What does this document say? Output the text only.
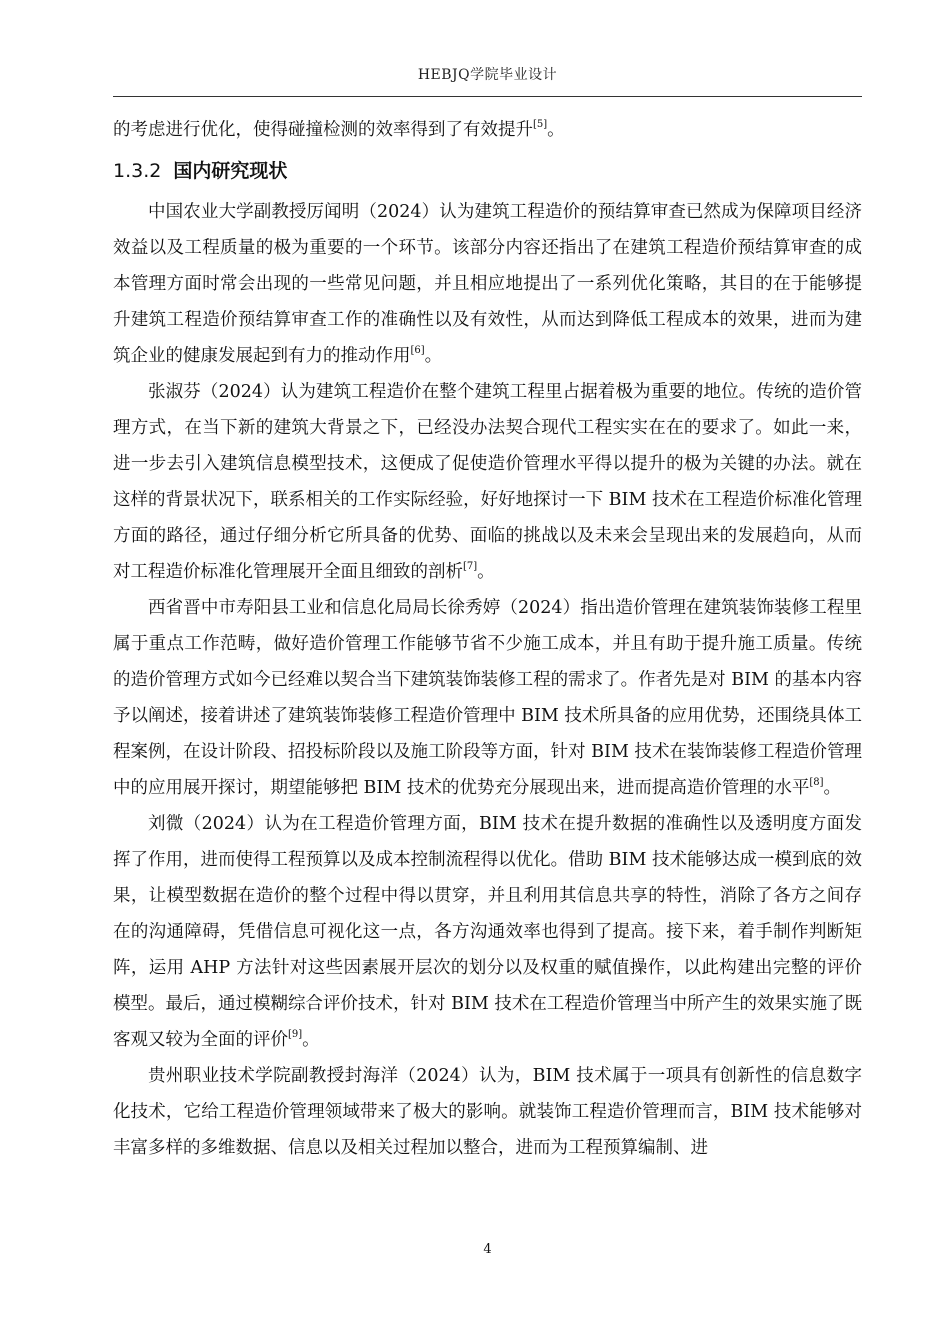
HEBJQ学院毕业设计

的考虑进行优化，使得碰撞检测的效率得到了有效提升[5]。

1.3.2 国内研究现状

中国农业大学副教授厉闻明（2024）认为建筑工程造价的预结算审查已然成为保障项目经济效益以及工程质量的极为重要的一个环节。该部分内容还指出了在建筑工程造价预结算审查的成本管理方面时常会出现的一些常见问题，并且相应地提出了一系列优化策略，其目的在于能够提升建筑工程造价预结算审查工作的准确性以及有效性，从而达到降低工程成本的效果，进而为建筑企业的健康发展起到有力的推动作用[6]。

张淑芬（2024）认为建筑工程造价在整个建筑工程里占据着极为重要的地位。传统的造价管理方式，在当下新的建筑大背景之下，已经没办法契合现代工程实实在在的要求了。如此一来，进一步去引入建筑信息模型技术，这便成了促使造价管理水平得以提升的极为关键的办法。就在这样的背景状况下，联系相关的工作实际经验，好好地探讨一下 BIM 技术在工程造价标准化管理方面的路径，通过仔细分析它所具备的优势、面临的挑战以及未来会呈现出来的发展趋向，从而对工程造价标准化管理展开全面且细致的剖析[7]。

西省晋中市寿阳县工业和信息化局局长徐秀婷（2024）指出造价管理在建筑装饰装修工程里属于重点工作范畴，做好造价管理工作能够节省不少施工成本，并且有助于提升施工质量。传统的造价管理方式如今已经难以契合当下建筑装饰装修工程的需求了。作者先是对 BIM 的基本内容予以阐述，接着讲述了建筑装饰装修工程造价管理中 BIM 技术所具备的应用优势，还围绕具体工程案例，在设计阶段、招投标阶段以及施工阶段等方面，针对 BIM 技术在装饰装修工程造价管理中的应用展开探讨，期望能够把 BIM 技术的优势充分展现出来，进而提高造价管理的水平[8]。

刘微（2024）认为在工程造价管理方面，BIM 技术在提升数据的准确性以及透明度方面发挥了作用，进而使得工程预算以及成本控制流程得以优化。借助 BIM 技术能够达成一模到底的效果，让模型数据在造价的整个过程中得以贯穿，并且利用其信息共享的特性，消除了各方之间存在的沟通障碍，凭借信息可视化这一点，各方沟通效率也得到了提高。接下来，着手制作判断矩阵，运用 AHP 方法针对这些因素展开层次的划分以及权重的赋值操作，以此构建出完整的评价模型。最后，通过模糊综合评价技术，针对 BIM 技术在工程造价管理当中所产生的效果实施了既客观又较为全面的评价[9]。

贵州职业技术学院副教授封海洋（2024）认为，BIM 技术属于一项具有创新性的信息数字化技术，它给工程造价管理领域带来了极大的影响。就装饰工程造价管理而言，BIM 技术能够对丰富多样的多维数据、信息以及相关过程加以整合，进而为工程预算编制、进

4
